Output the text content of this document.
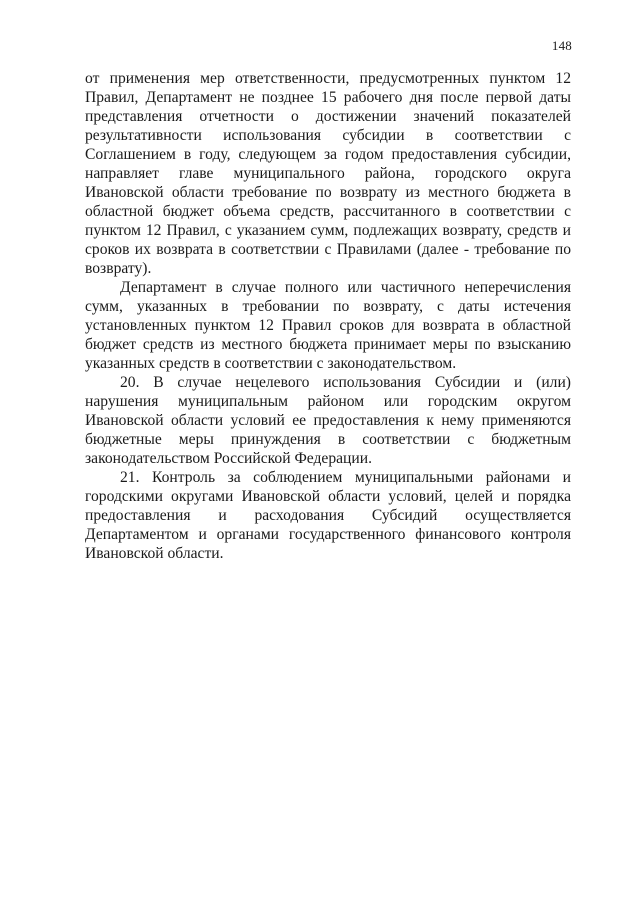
148

от применения мер ответственности, предусмотренных пунктом 12 Правил, Департамент не позднее 15 рабочего дня после первой даты представления отчетности о достижении значений показателей результативности использования субсидии в соответствии с Соглашением в году, следующем за годом предоставления субсидии, направляет главе муниципального района, городского округа Ивановской области требование по возврату из местного бюджета в областной бюджет объема средств, рассчитанного в соответствии с пунктом 12 Правил, с указанием сумм, подлежащих возврату, средств и сроков их возврата в соответствии с Правилами (далее - требование по возврату).

Департамент в случае полного или частичного неперечисления сумм, указанных в требовании по возврату, с даты истечения установленных пунктом 12 Правил сроков для возврата в областной бюджет средств из местного бюджета принимает меры по взысканию указанных средств в соответствии с законодательством.

20. В случае нецелевого использования Субсидии и (или) нарушения муниципальным районом или городским округом Ивановской области условий ее предоставления к нему применяются бюджетные меры принуждения в соответствии с бюджетным законодательством Российской Федерации.

21. Контроль за соблюдением муниципальными районами и городскими округами Ивановской области условий, целей и порядка предоставления и расходования Субсидий осуществляется Департаментом и органами государственного финансового контроля Ивановской области.
